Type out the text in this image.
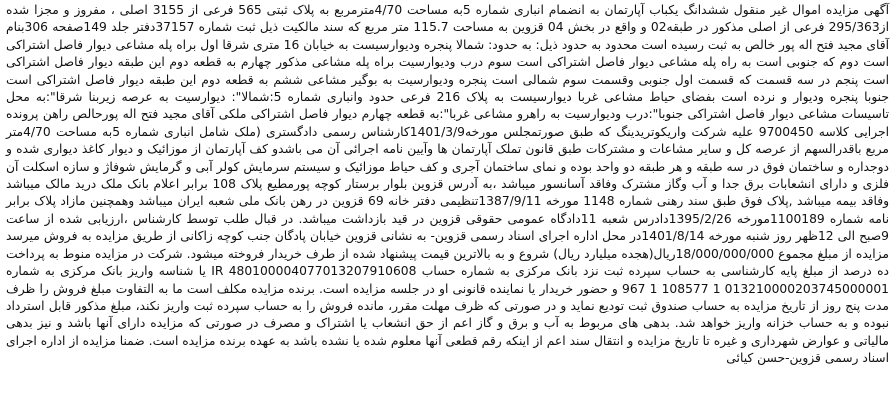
آگهی مزایده اموال غیر منقول ششدانگ یکباب آپارتمان به انضمام انباری شماره 5به مساحت 4/70مترمربع به پلاک ثبتی 565 فرعی از 3155 اصلی ، مفروز و مجزا شده از295/363 فرعی از اصلی مذکور در طبقه02 و واقع در بخش 04 قزوین به مساحت 115.7 متر مربع که سند مالکیت ذیل ثبت شماره 37157دفتر جلد 149صفحه 306بنام آقای مجید فتح اله پور خالص به ثبت رسیده است محدود به حدود ذیل: به حدود: شمالا پنجره ودیوارسیست به خیابان 16 متری شرقا اول براه پله مشاعی دیوار فاصل اشتراکی است دوم که جنوبی است به راه پله مشاعی دیوار فاصل اشتراکی است سوم درب ودیوارسیت براه پله مشاعی مذکور چهارم به قطعه دوم این طبقه دیوار فاصل اشتراکی است پنجم در سه قسمت که قسمت اول جنوبی وقسمت سوم شمالی است پنجره ودیوارسیت به بوگیر مشاعی ششم به قطعه دوم این طبقه دیوار فاصل اشتراکی است جنوبا پنجره ودیوار و نرده است بفضای حیاط مشاعی غربا دیوارسیست به پلاک 216 فرعی حدود وانباری شماره 5:شمالا": دیوارسیت به عرصه زیربنا شرقا":به محل تاسیسات مشاعی دیوار فاصل اشتراکی جنوبا":درب ودیوارسیت به راهرو مشاعی غربا":به قطعه چهارم دیوار فاصل اشتراکی ملکی آقای مجید فتح اله پورحالص راهن پرونده اجرایی کلاسه 9700450 علیه شرکت واریکوتریدینگ که طبق صورتمجلس مورخه1401/3/9کارشناس رسمی دادگستری (ملک شامل انباری شماره 5به مساحت 4/70متر مربع باقدرالسهم از عرصه کل و سایر مشاعات و مشترکات طبق قانون تملک آپارتمان ها وآیین نامه اجرائی آن می باشدو کف آپارتمان از موزائیک و دیوار کاغذ دیواری شده و دوجداره و ساختمان فوق در سه طبقه و هر طبقه دو واحد بوده و نمای ساختمان آجری و کف حیاط موزائیک و سیستم سرمایش کولر آبی و گرمایش شوفاژ و سازه اسکلت آن فلزی و دارای انشعابات برق جدا و آب وگاز مشترک وفاقد آسانسور میباشد ،به آدرس قزوین بلوار برستار کوچه پورمطیع پلاک 108 برابر اعلام بانک ملک درید مالک میباشد وفاقد بیمه میباشد ,پلاک فوق طبق سند رهنی شماره 1148 مورخه 1387/9/11تنظیمی دفتر خانه 69 قزوین در رهن بانک ملی شعبه ایران میباشد وهمچنین مازاد پلاک برابر نامه شماره 1100189مورخه 1395/2/26دادرس شعبه 11دادگاه عمومی حقوقی قزوین در قید بازداشت میباشد. در قبال طلب توسط کارشناس ،ارزیابی شده از ساعت 9صبح الی 12ظهر روز شنبه مورخه 1401/8/14در محل اداره اجرای اسناد رسمی قزوین- به نشانی قزوین خیابان پادگان جنب کوچه زاکانی از طریق مزایده به فروش میرسد مزایده از مبلغ مجموع 18/000/000/000ریال(هجده میلیارد ریال) شروع و به بالاترین قیمت پیشنهاد شده از طرف خریدار فروخته میشود. شرکت در مزایده منوط به پرداخت ده درصد از مبلغ پایه کارشناسی به حساب سپرده ثبت نزد بانک مرکزی به شماره حساب IR 480100004077013207910608 یا شناسه واریز بانک مرکزی به شماره 013210000203745000001 1 108577 1 967 و حضور خریدار یا نماینده قانونی او در جلسه مزایده است. برنده مزایده مکلف است ما به التفاوت مبلغ فروش را ظرف مدت پنج روز از تاریخ مزایده به حساب صندوق ثبت تودیع نماید و در صورتی که ظرف مهلت مقرر، مانده فروش را به حساب سپرده ثبت واریز نکند، مبلغ مذکور قابل استرداد نبوده و به حساب خزانه واریز خواهد شد. بدهی های مربوط به آب و برق و گاز اعم از حق انشعاب یا اشتراک و مصرف در صورتی که مزایده دارای آنها باشد و نیز بدهی مالیاتی و عوارض شهرداری و غیره تا تاریخ مزایده و انتقال سند اعم از اینکه رقم قطعی آنها معلوم شده یا نشده باشد به عهده برنده مزایده است. ضمنا مزایده از اداره اجرای اسناد رسمی قزوین-حسن کیائی
